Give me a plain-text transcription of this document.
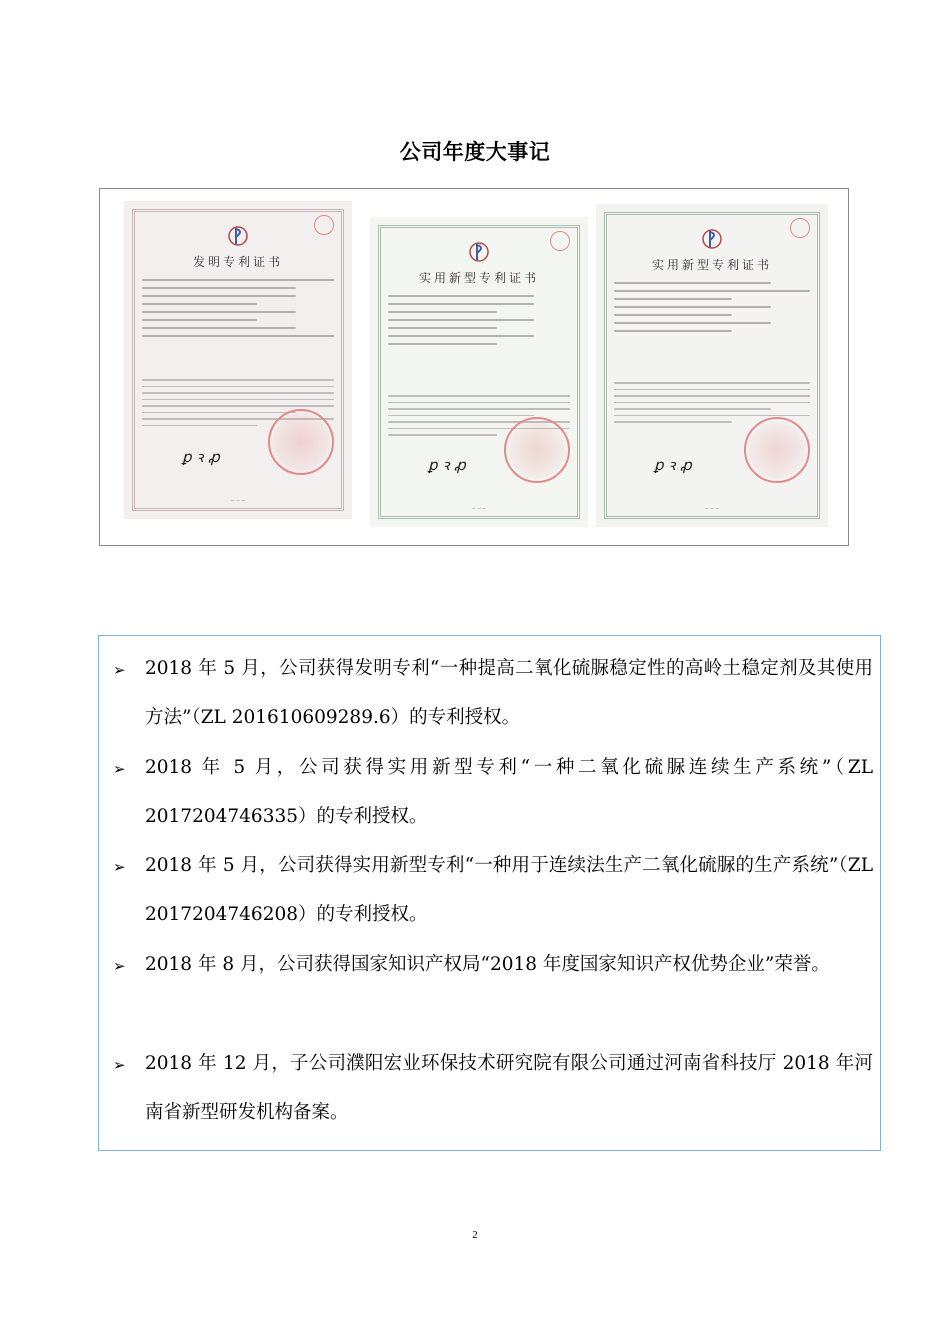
公司年度大事记
发明专利证书
ꝑ ꝛ ꝓ
— — —
实用新型专利证书
ꝑ ꝛ ꝓ
— — —
实用新型专利证书
ꝑ ꝛ ꝓ
— — —
➢ 2018 年 5 月，公司获得发明专利“一种提高二氧化硫脲稳定性的高岭土稳定剂及其使用方法”（ZL 201610609289.6）的专利授权。
➢ 2018 年 5 月，公司获得实用新型专利“一种二氧化硫脲连续生产系统”（ZL　2017204746335）的专利授权。
➢ 2018 年 5 月，公司获得实用新型专利“一种用于连续法生产二氧化硫脲的生产系统”（ZL 2017204746208）的专利授权。
➢ 2018 年 8 月，公司获得国家知识产权局“2018 年度国家知识产权优势企业”荣誉。
➢ 2018 年 12 月，子公司濮阳宏业环保技术研究院有限公司通过河南省科技厅 2018 年河南省新型研发机构备案。
2
